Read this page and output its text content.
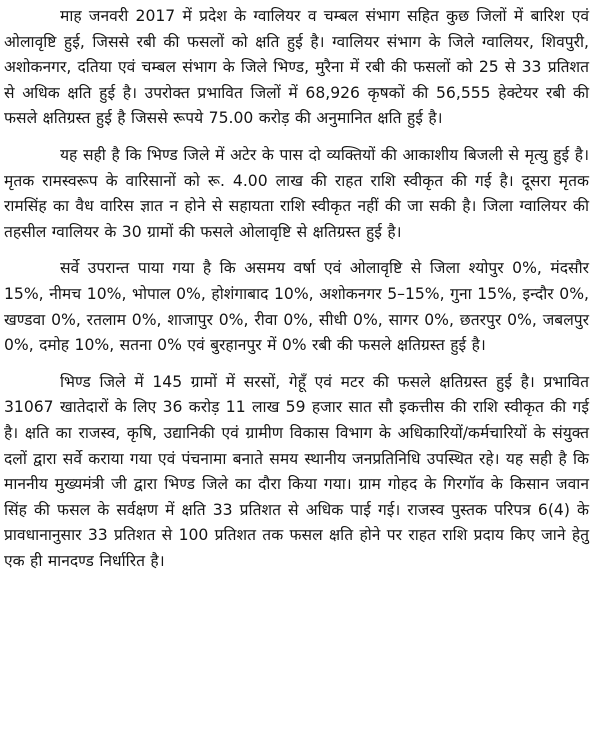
माह जनवरी 2017 में प्रदेश के ग्वालियर व चम्बल संभाग सहित कुछ जिलों में बारिश एवं ओलावृष्टि हुई, जिससे रबी की फसलों को क्षति हुई है। ग्वालियर संभाग के जिले ग्वालियर, शिवपुरी, अशोकनगर, दतिया एवं चम्बल संभाग के जिले भिण्ड, मुरैना में रबी की फसलों को 25 से 33 प्रतिशत से अधिक क्षति हुई है। उपरोक्त प्रभावित जिलों में 68,926 कृषकों की 56,555 हेक्टेयर रबी की फसले क्षतिग्रस्त हुई है जिससे रूपये 75.00 करोड़ की अनुमानित क्षति हुई है।

यह सही है कि भिण्ड जिले में अटेर के पास दो व्यक्तियों की आकाशीय बिजली से मृत्यु हुई है। मृतक रामस्वरूप के वारिसानों को रू. 4.00 लाख की राहत राशि स्वीकृत की गई है। दूसरा मृतक रामसिंह का वैध वारिस ज्ञात न होने से सहायता राशि स्वीकृत नहीं की जा सकी है। जिला ग्वालियर की तहसील ग्वालियर के 30 ग्रामों की फसले ओलावृष्टि से क्षतिग्रस्त हुई है।

सर्वे उपरान्त पाया गया है कि असमय वर्षा एवं ओलावृष्टि से जिला श्योपुर 0%, मंदसौर 15%, नीमच 10%, भोपाल 0%, होशंगाबाद 10%, अशोकनगर 5–15%, गुना 15%, इन्दौर 0%, खण्डवा 0%, रतलाम 0%, शाजापुर 0%, रीवा 0%, सीधी 0%, सागर 0%, छतरपुर 0%, जबलपुर 0%, दमोह 10%, सतना 0% एवं बुरहानपुर में 0% रबी की फसले क्षतिग्रस्त हुई है।

भिण्ड जिले में 145 ग्रामों में सरसों, गेहूँ एवं मटर की फसले क्षतिग्रस्त हुई है। प्रभावित 31067 खातेदारों के लिए 36 करोड़ 11 लाख 59 हजार सात सौ इकत्तीस की राशि स्वीकृत की गई है। क्षति का राजस्व, कृषि, उद्यानिकी एवं ग्रामीण विकास विभाग के अधिकारियों/कर्मचारियों के संयुक्त दलों द्वारा सर्वे कराया गया एवं पंचनामा बनाते समय स्थानीय जनप्रतिनिधि उपस्थित रहे। यह सही है कि माननीय मुख्यमंत्री जी द्वारा भिण्ड जिले का दौरा किया गया। ग्राम गोहद के गिरगॉव के किसान जवान सिंह की फसल के सर्वक्षण में क्षति 33 प्रतिशत से अधिक पाई गई। राजस्व पुस्तक परिपत्र 6(4) के प्रावधानानुसार 33 प्रतिशत से 100 प्रतिशत तक फसल क्षति होने पर राहत राशि प्रदाय किए जाने हेतु एक ही मानदण्ड निर्धारित है।
